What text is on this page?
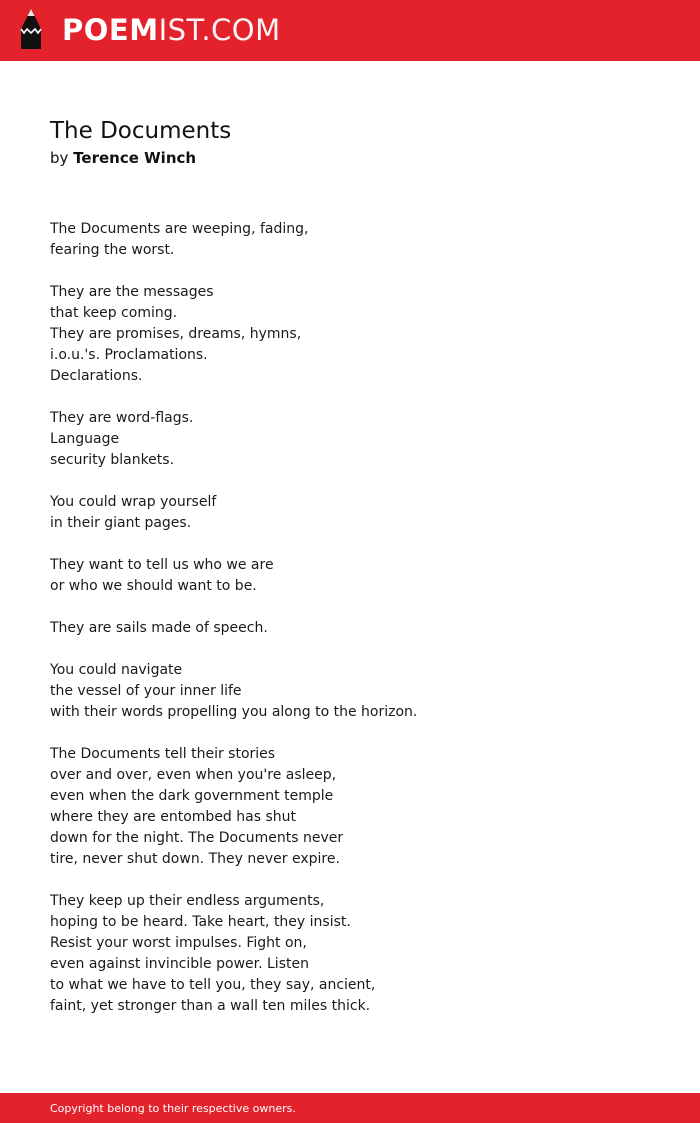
POEMIST.COM
The Documents
by Terence Winch
The Documents are weeping, fading,
fearing the worst.
They are the messages
that keep coming.
They are promises, dreams, hymns,
i.o.u.'s. Proclamations.
Declarations.
They are word-flags.
Language
security blankets.
You could wrap yourself
in their giant pages.
They want to tell us who we are
or who we should want to be.
They are sails made of speech.
You could navigate
the vessel of your inner life
with their words propelling you along to the horizon.
The Documents tell their stories
over and over, even when you're asleep,
even when the dark government temple
where they are entombed has shut
down for the night. The Documents never
tire, never shut down. They never expire.
They keep up their endless arguments,
hoping to be heard. Take heart, they insist.
Resist your worst impulses. Fight on,
even against invincible power. Listen
to what we have to tell you, they say, ancient,
faint, yet stronger than a wall ten miles thick.
Copyright belong to their respective owners.
